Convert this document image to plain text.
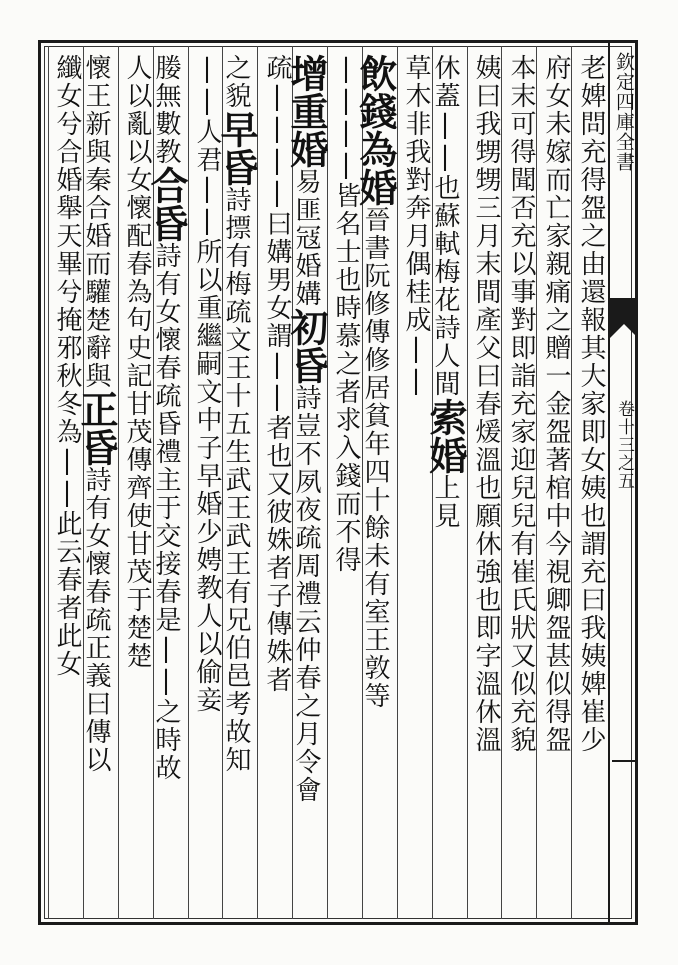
欽定四庫全書
卷十三之五
老婢問充得盌之由還報其大家即女姨也謂充曰我姨婢崔少
府女未嫁而亡家親痛之贈一金盌著棺中今視卿盌甚似得盌
本末可得聞否充以事對即詣充家迎兒兒有崔氏狀又似充貌
姨曰我甥甥三月末間產父曰春煖溫也願休強也即字溫休溫
休蓋||也蘇軾梅花詩人間索婚上見
草木非我對奔月偶桂成||
飲錢為婚晉書阮修傳修居貧年四十餘未有室王敦等
||||皆名士也時慕之者求入錢而不得
增重婚易匪冦婚媾初昏詩豈不夙夜疏周禮云仲春之月令會
疏||||曰媾男女謂||者也又彼姝者子傳姝者
之貌早昏詩摽有梅疏文王十五生武王武王有兄伯邑考故知
||人君||所以重繼嗣文中子早婚少娉教人以偷妾
媵無數教合昏詩有女懷春疏昏禮主于交接春是||之時故
人以亂以女懷配春為句史記甘茂傳齊使甘茂于楚楚
懷王新與秦合婚而驩楚辭與正昏詩有女懷春疏正義曰傳以
纖女兮合婚舉天畢兮掩邪秋冬為||此云春者此女
